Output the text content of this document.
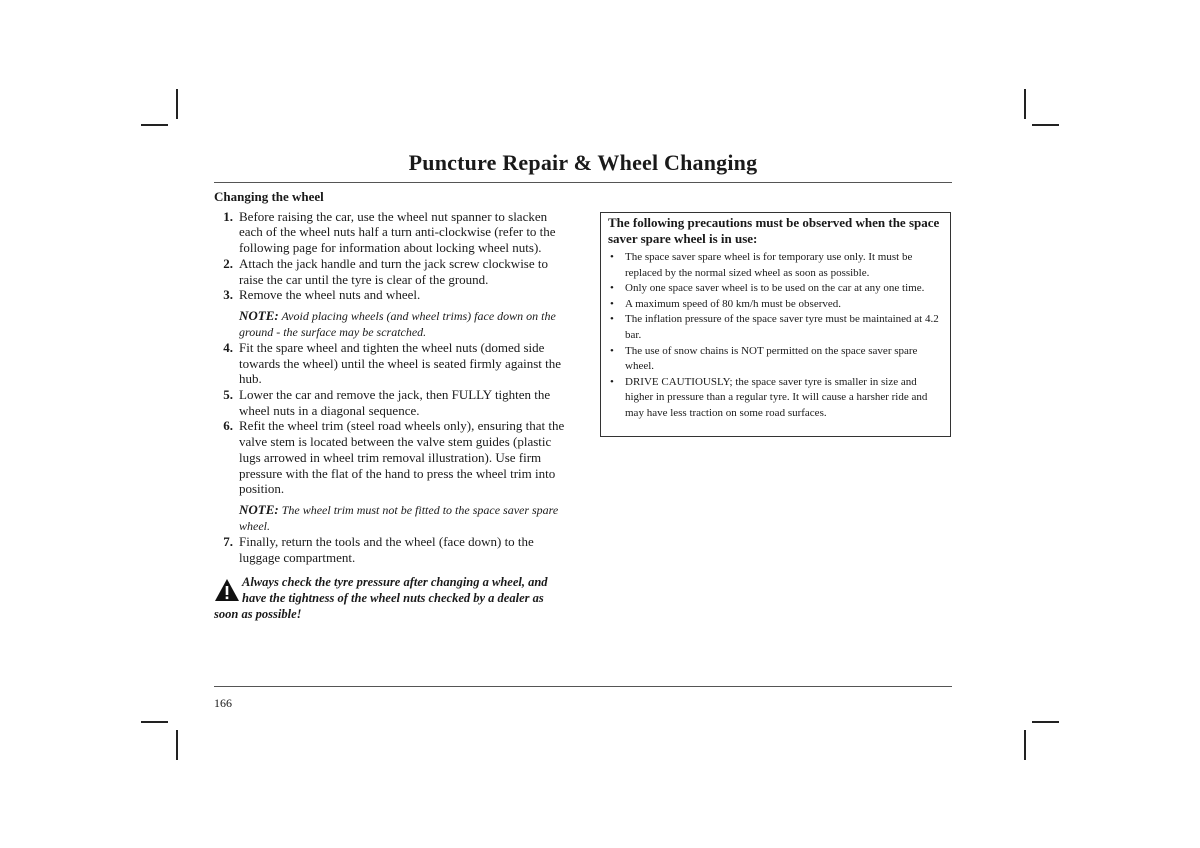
Puncture Repair & Wheel Changing
Changing the wheel
1. Before raising the car, use the wheel nut spanner to slacken each of the wheel nuts half a turn anti-clockwise (refer to the following page for information about locking wheel nuts).
2. Attach the jack handle and turn the jack screw clockwise to raise the car until the tyre is clear of the ground.
3. Remove the wheel nuts and wheel.
NOTE: Avoid placing wheels (and wheel trims) face down on the ground - the surface may be scratched.
4. Fit the spare wheel and tighten the wheel nuts (domed side towards the wheel) until the wheel is seated firmly against the hub.
5. Lower the car and remove the jack, then FULLY tighten the wheel nuts in a diagonal sequence.
6. Refit the wheel trim (steel road wheels only), ensuring that the valve stem is located between the valve stem guides (plastic lugs arrowed in wheel trim removal illustration). Use firm pressure with the flat of the hand to press the wheel trim into position.
NOTE: The wheel trim must not be fitted to the space saver spare wheel.
7. Finally, return the tools and the wheel (face down) to the luggage compartment.
Always check the tyre pressure after changing a wheel, and have the tightness of the wheel nuts checked by a dealer as soon as possible!
The following precautions must be observed when the space saver spare wheel is in use:
• The space saver spare wheel is for temporary use only. It must be replaced by the normal sized wheel as soon as possible.
• Only one space saver wheel is to be used on the car at any one time.
• A maximum speed of 80 km/h must be observed.
• The inflation pressure of the space saver tyre must be maintained at 4.2 bar.
• The use of snow chains is NOT permitted on the space saver spare wheel.
• DRIVE CAUTIOUSLY; the space saver tyre is smaller in size and higher in pressure than a regular tyre. It will cause a harsher ride and may have less traction on some road surfaces.
166
